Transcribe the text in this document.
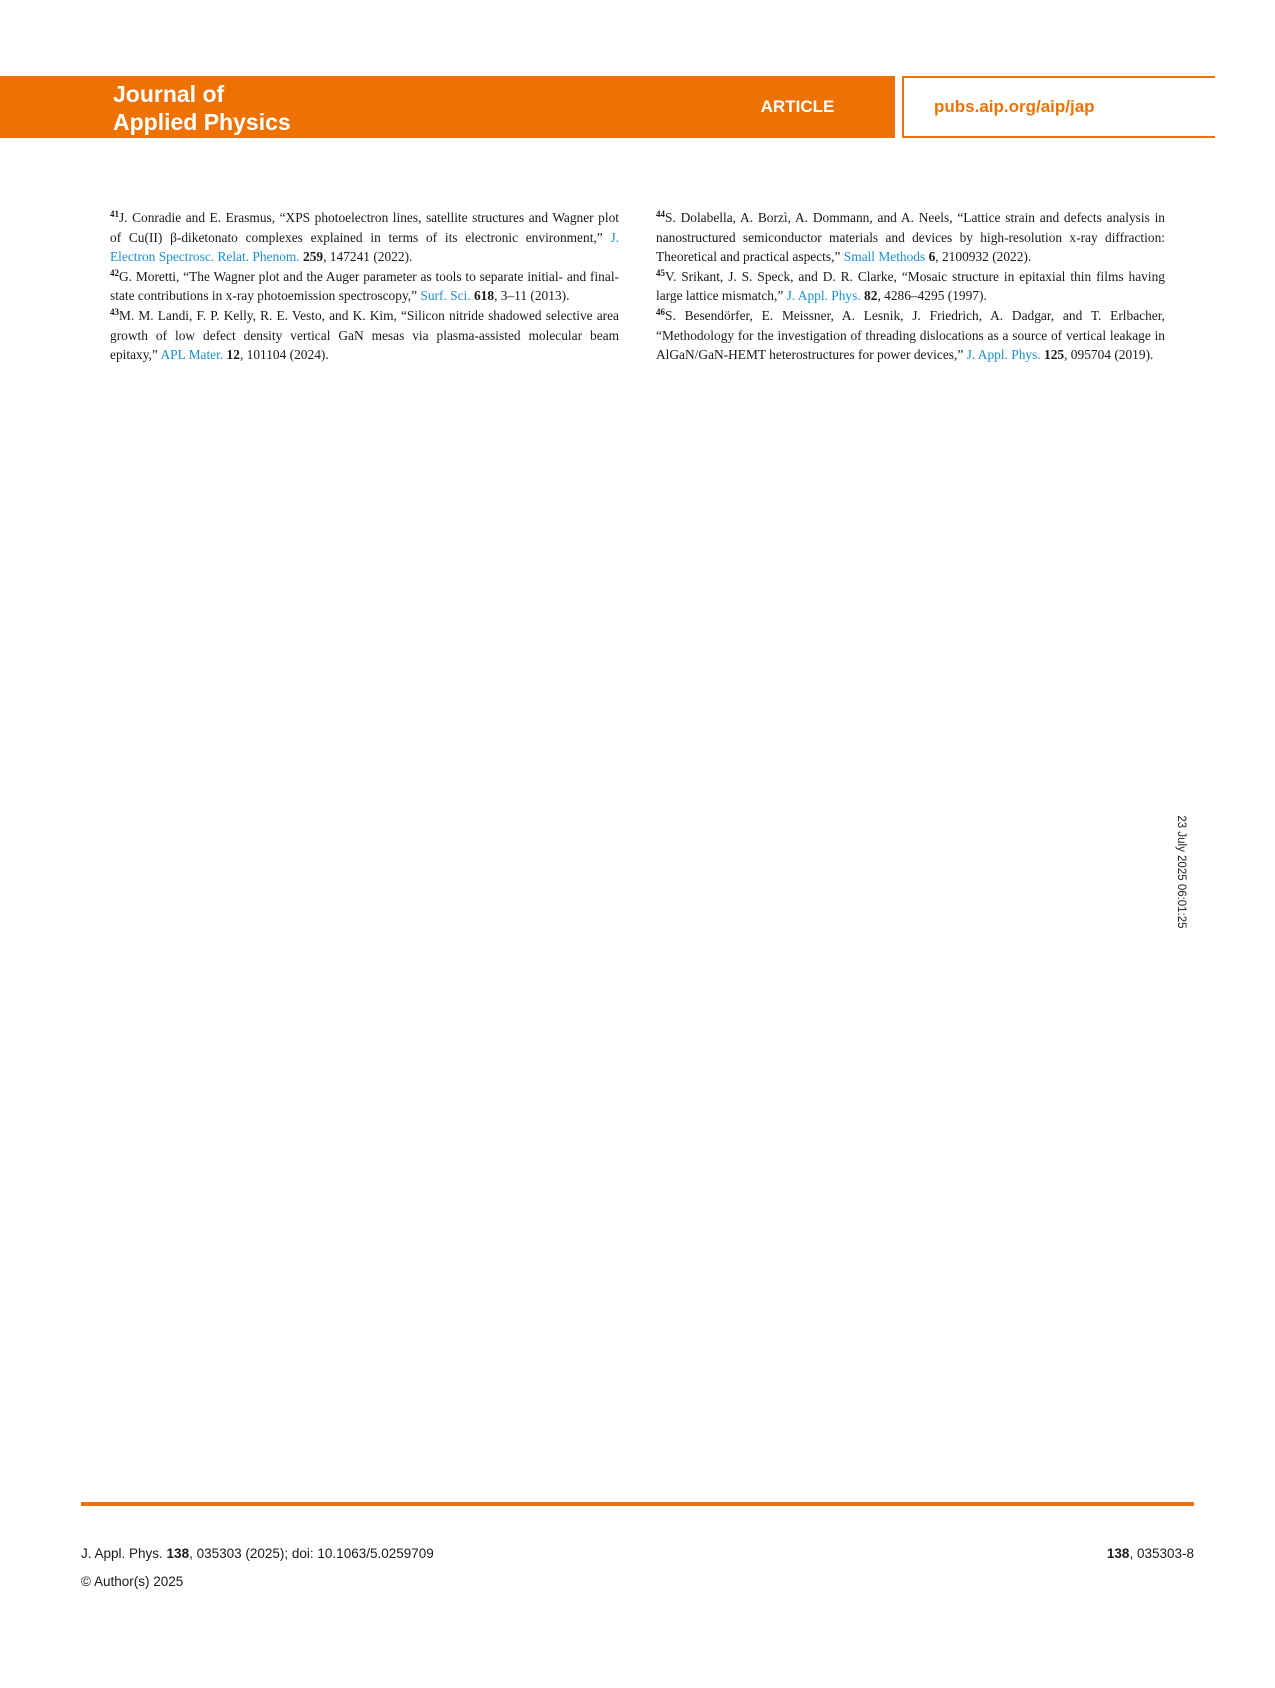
Journal of
Applied Physics
ARTICLE	pubs.aip.org/aip/jap

$^{41}$J. Conradie and E. Erasmus, “XPS photoelectron lines, satellite structures and Wagner plot of Cu(II) β-diketonato complexes explained in terms of its electronic environment,” J. Electron Spectrosc. Relat. Phenom. 259, 147241 (2022).

$^{42}$G. Moretti, “The Wagner plot and the Auger parameter as tools to separate initial- and final-state contributions in x-ray photoemission spectroscopy,” Surf. Sci. 618, 3–11 (2013).

$^{43}$M. M. Landi, F. P. Kelly, R. E. Vesto, and K. Kim, “Silicon nitride shadowed selective area growth of low defect density vertical GaN mesas via plasma-assisted molecular beam epitaxy,” APL Mater. 12, 101104 (2024).

$^{44}$S. Dolabella, A. Borzì, A. Dommann, and A. Neels, “Lattice strain and defects analysis in nanostructured semiconductor materials and devices by high-resolution x-ray diffraction: Theoretical and practical aspects,” Small Methods 6, 2100932 (2022).

$^{45}$V. Srikant, J. S. Speck, and D. R. Clarke, “Mosaic structure in epitaxial thin films having large lattice mismatch,” J. Appl. Phys. 82, 4286–4295 (1997).

$^{46}$S. Besendörfer, E. Meissner, A. Lesnik, J. Friedrich, A. Dadgar, and T. Erlbacher, “Methodology for the investigation of threading dislocations as a source of vertical leakage in AlGaN/GaN-HEMT heterostructures for power devices,” J. Appl. Phys. 125, 095704 (2019).

23 July 2025 06:01:25
J. Appl. Phys. 138, 035303 (2025); doi: 10.1063/5.0259709
© Author(s) 2025
138, 035303-8
